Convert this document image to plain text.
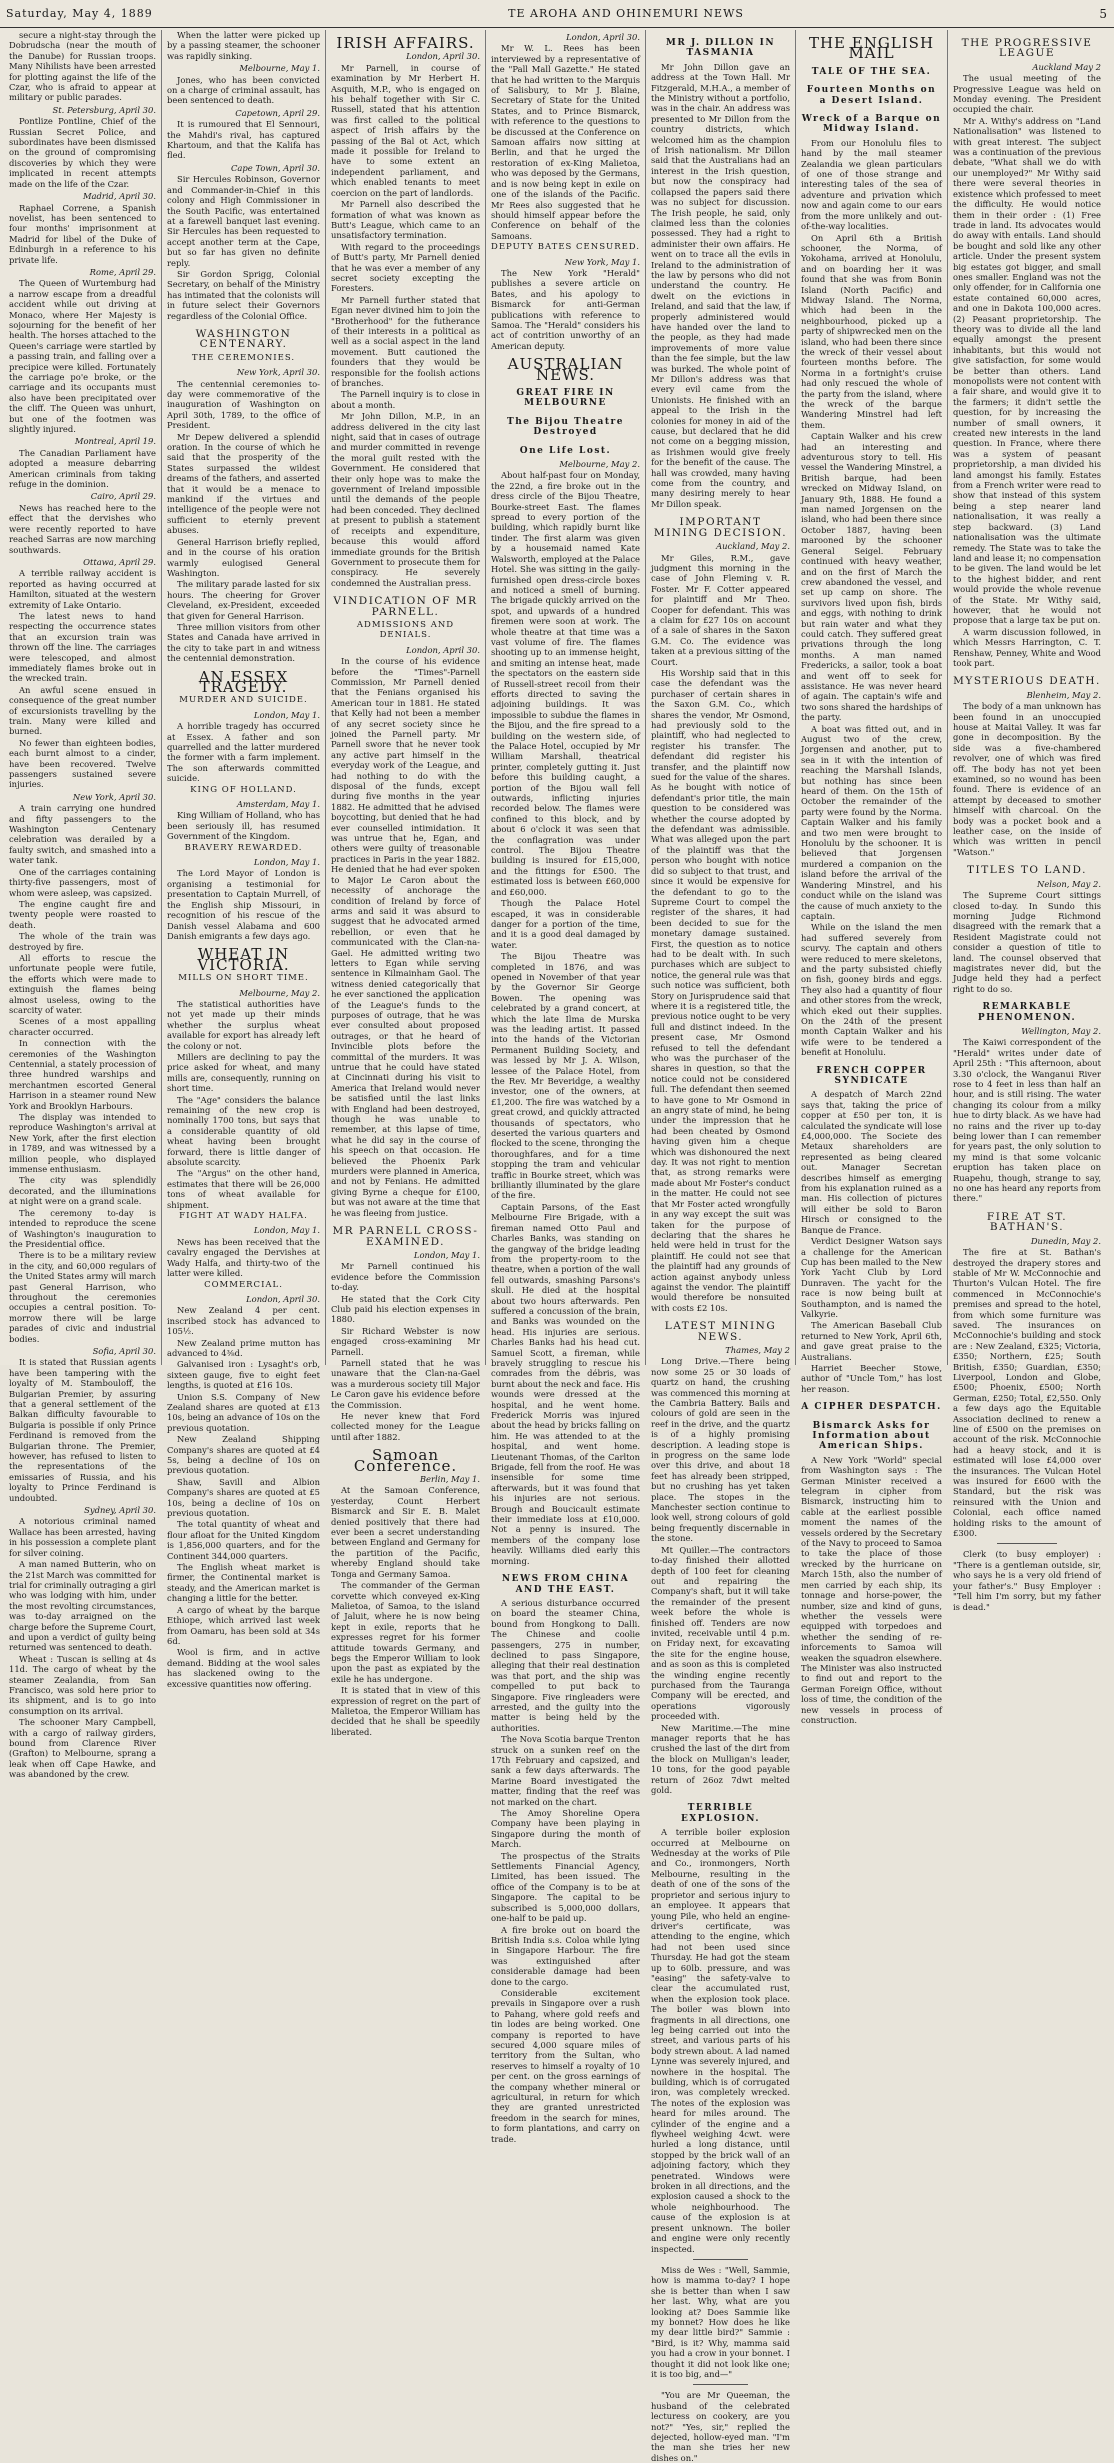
Saturday, May 4, 1889	TE AROHA AND OHINEMURI NEWS	5

secure a night-stay through the Dobrudscha (near the mouth of the Danube) for Russian troops. Many Nihilists have been arrested for plotting against the life of the Czar, who is afraid to appear at military or public parades.

St. Petersburg, April 30.

Pontlize Pontline, Chief of the Russian Secret Police, and subordinates have been dismissed on the ground of compromising discoveries by which they were implicated in recent attempts made on the life of the Czar.

Madrid, April 30.

Raphael Correne, a Spanish novelist, has been sentenced to four months' imprisonment at Madrid for libel of the Duke of Edinburgh in a reference to his private life.

Rome, April 29.

The Queen of Wurtemburg had a narrow escape from a dreadful accident while out driving at Monaco, where Her Majesty is sojourning for the benefit of her health. The horses attached to the Queen's carriage were startled by a passing train, and falling over a precipice were killed. Fortunately the carriage po'e broke, or the carriage and its occupants must also have been precipitated over the cliff. The Queen was unhurt, but one of the footmen was slightly injured.

Montreal, April 19.

The Canadian Parliament have adopted a measure debarring American criminals from taking refuge in the dominion.

Cairo, April 29.

News has reached here to the effect that the dervishes who were recently reported to have reached Sarras are now marching southwards.

Ottawa, April 29.

A terrible railway accident is reported as having occurred at Hamilton, situated at the western extremity of Lake Ontario.

The latest news to hand respecting the occurrence states that an excursion train was thrown off the line. The carriages were telescoped, and almost immediately flames broke out in the wrecked train.

An awful scene ensued in consequence of the great number of excursionists travelling by the train. Many were killed and burned.

No fewer than eighteen bodies, each burnt almost to a cinder, have been recovered. Twelve passengers sustained severe injuries.

New York, April 30.

A train carrying one hundred and fifty passengers to the Washington Centenary celebration was derailed by a faulty switch, and smashed into a water tank.

One of the carriages containing thirty-five passengers, most of whom were asleep, was capsized.

The engine caught fire and twenty people were roasted to death.

The whole of the train was destroyed by fire.

All efforts to rescue the unfortunate people were futile, the efforts which were made to extinguish the flames being almost useless, owing to the scarcity of water.

Scenes of a most appalling character occurred.

In connection with the ceremonies of the Washington Centennial, a stately procession of three hundred warships and merchantmen escorted General Harrison in a steamer round New York and Brooklyn Harbours.

The display was intended to reproduce Washington's arrival at New York, after the first election in 1789, and was witnessed by a million people, who displayed immense enthusiasm.

The city was splendidly decorated, and the illuminations at night were on a grand scale.

The ceremony to-day is intended to reproduce the scene of Washington's inauguration to the Presidential office.

There is to be a military review in the city, and 60,000 regulars of the United States army will march past General Harrison, who throughout the ceremonies occupies a central position. To-morrow there will be large parades of civic and industrial bodies.

Sofia, April 30.

It is stated that Russian agents have been tampering with the loyalty of M. Stambouloff, the Bulgarian Premier, by assuring that a general settlement of the Balkan difficulty favourable to Bulgaria is possible if only Prince Ferdinand is removed from the Bulgarian throne. The Premier, however, has refused to listen to the representations of the emissaries of Russia, and his loyalty to Prince Ferdinand is undoubted.

Sydney, April 30.

A notorious criminal named Wallace has been arrested, having in his possession a complete plant for silver coining.

A man named Butterin, who on the 21st March was committed for trial for criminally outraging a girl who was lodging with him, under the most revolting circumstances, was to-day arraigned on the charge before the Supreme Court, and upon a verdict of guilty being returned was sentenced to death.

Wheat : Tuscan is selling at 4s 11d. The cargo of wheat by the steamer Zealandia, from San Francisco, was sold here prior to its shipment, and is to go into consumption on its arrival.

The schooner Mary Campbell, with a cargo of railway girders, bound from Clarence River (Grafton) to Melbourne, sprang a leak when off Cape Hawke, and was abandoned by the crew.

When the latter were picked up by a passing steamer, the schooner was rapidly sinking.

Melbourne, May 1.

Jones, who has been convicted on a charge of criminal assault, has been sentenced to death.

Capetown, April 29.

It is rumoured that El Sennouri, the Mahdi's rival, has captured Khartoum, and that the Kalifa has fled.

Cape Town, April 30.

Sir Hercules Robinson, Governor and Commander-in-Chief in this colony and High Commissioner in the South Pacific, was entertained at a farewell banquet last evening. Sir Hercules has been requested to accept another term at the Cape, but so far has given no definite reply.

Sir Gordon Sprigg, Colonial Secretary, on behalf of the Ministry has intimated that the colonists will in future select their Governors regardless of the Colonial Office.

WASHINGTON CENTENARY.
THE CEREMONIES.
New York, April 30.

The centennial ceremonies to-day were commemorative of the inauguration of Washington on April 30th, 1789, to the office of President.

Mr Depew delivered a splendid oration. In the course of which he said that the prosperity of the States surpassed the wildest dreams of the fathers, and asserted that it would be a menace to mankind if the virtues and intelligence of the people were not sufficient to eternly prevent abuses.

General Harrison briefly replied, and in the course of his oration warmly eulogised General Washington.

The military parade lasted for six hours. The cheering for Grover Cleveland, ex-President, exceeded that given for General Harrison.

Three million visitors from other States and Canada have arrived in the city to take part in and witness the centennial demonstration.

AN ESSEX TRAGEDY.
MURDER AND SUICIDE.
London, May 1.

A horrible tragedy has occurred at Essex. A father and son quarrelled and the latter murdered the former with a farm implement. The son afterwards committed suicide.

KING OF HOLLAND.
Amsterdam, May 1.

King William of Holland, who has been seriously ill, has resumed Government of the Kingdom.

BRAVERY REWARDED.
London, May 1.

The Lord Mayor of London is organising a testimonial for presentation to Captain Murrell, of the English ship Missouri, in recognition of his rescue of the Danish vessel Alabama and 600 Danish emigrants a few days ago.

WHEAT IN VICTORIA.
MILLS ON SHORT TIME.
Melbourne, May 2.

The statistical authorities have not yet made up their minds whether the surplus wheat available for export has already left the colony or not.

Millers are declining to pay the price asked for wheat, and many mills are, consequently, running on short time.

The "Age" considers the balance remaining of the new crop is nominally 1700 tons, but says that a considerable quantity of old wheat having been brought forward, there is little danger of absolute scarcity.

The "Argus" on the other hand, estimates that there will be 26,000 tons of wheat available for shipment.

FIGHT AT WADY HALFA.
London, May 1.

News has been received that the cavalry engaged the Dervishes at Wady Halfa, and thirty-two of the latter were killed.

COMMERCIAL.
London, April 30.

New Zealand 4 per cent. inscribed stock has advanced to 105½.

New Zealand prime mutton has advanced to 4⅜d.

Galvanised iron : Lysaght's orb, sixteen gauge, five to eight feet lengths, is quoted at £16 10s.

Union S.S. Company of New Zealand shares are quoted at £13 10s, being an advance of 10s on the previous quotation.

New Zealand Shipping Company's shares are quoted at £4 5s, being a decline of 10s on previous quotation.

Shaw, Savill and Albion Company's shares are quoted at £5 10s, being a decline of 10s on previous quotation.

The total quantity of wheat and flour afloat for the United Kingdom is 1,856,000 quarters, and for the Continent 344,000 quarters.

The English wheat market is firmer, the Continental market is steady, and the American market is changing a little for the better.

A cargo of wheat by the barque Ethiope, which arrived last week from Oamaru, has been sold at 34s 6d.

Wool is firm, and in active demand. Bidding at the wool sales has slackened owing to the excessive quantities now offering.

IRISH AFFAIRS.
London, April 30.

Mr Parnell, in course of examination by Mr Herbert H. Asquith, M.P., who is engaged on his behalf together with Sir C. Russell, stated that his attention was first called to the political aspect of Irish affairs by the passing of the Bal ot Act, which made it possible for Ireland to have to some extent an independent parliament, and which enabled tenants to meet coercion on the part of landlords.

Mr Parnell also described the formation of what was known as Butt's League, which came to an unsatisfactory termination.

With regard to the proceedings of Butt's party, Mr Parnell denied that he was ever a member of any secret society excepting the Foresters.

Mr Parnell further stated that Egan never divined him to join the "Brotherhood" for the futherance of their interests in a political as well as a social aspect in the land movement. Butt cautioned the founders that they would be responsible for the foolish actions of branches.

The Parnell inquiry is to close in about a month.

Mr John Dillon, M.P., in an address delivered in the city last night, said that in cases of outrage and murder committed in revenge the moral guilt rested with the Government. He considered that their only hope was to make the government of Ireland impossible until the demands of the people had been conceded. They declined at present to publish a statement of receipts and expenditure, because this would afford immediate grounds for the British Government to prosecute them for conspiracy. He severely condemned the Australian press.

VINDICATION OF MR PARNELL.
ADMISSIONS AND DENIALS.
London, April 30.

In the course of his evidence before the "Times"-Parnell Commission, Mr Parnell denied that the Fenians organised his American tour in 1881. He stated that Kelly had not been a member of any secret society since he joined the Parnell party. Mr Parnell swore that he never took any active part himself in the everyday work of the League, and had nothing to do with the disposal of the funds, except during five months in the year 1882. He admitted that he advised boycotting, but denied that he had ever counselled intimidation. It was untrue that he, Egan, and others were guilty of treasonable practices in Paris in the year 1882. He denied that he had ever spoken to Major Le Caron about the necessity of anchorage the condition of Ireland by force of arms and said it was absurd to suggest that he advocated armed rebellion, or even that he communicated with the Clan-na-Gael. He admitted writing two letters to Egan while serving sentence in Kilmainham Gaol. The witness denied categorically that he ever sanctioned the application of the League's funds to the purposes of outrage, that he was ever consulted about proposed outrages, or that he heard of Invincible plots before the committal of the murders. It was untrue that he could have stated at Cincinnati during his visit to America that Ireland would never be satisfied until the last links with England had been destroyed, though he was unable to remember, at this lapse of time, what he did say in the course of his speech on that occasion. He believed the Phoenix Park murders were planned in America, and not by Fenians. He admitted giving Byrne a cheque for £100, but was not aware at the time that he was fleeing from justice.

MR PARNELL CROSS-EXAMINED.
London, May 1.

Mr Parnell continued his evidence before the Commission to-day.

He stated that the Cork City Club paid his election expenses in 1880.

Sir Richard Webster is now engaged cross-examining Mr Parnell.

Parnell stated that he was unaware that the Clan-na-Gael was a murderous society till Major Le Caron gave his evidence before the Commission.

He never knew that Ford collected money for the League until after 1882.

Samoan Conference.
Berlin, May 1.

At the Samoan Conference, yesterday, Count Herbert Bismarck and Sir E. B. Malet denied positively that there had ever been a secret understanding between England and Germany for the partition of the Pacific, whereby England should take Tonga and Germany Samoa.

The commander of the German corvette which conveyed ex-King Malietoa, of Samoa, to the island of Jaluit, where he is now being kept in exile, reports that he expresses regret for his former attitude towards Germany, and begs the Emperor William to look upon the past as expiated by the exile he has undergone.

It is stated that in view of this expression of regret on the part of Malietoa, the Emperor William has decided that he shall be speedily liberated.

London, April 30.

Mr W. L. Rees has been interviewed by a representative of the "Pall Mall Gazette." He stated that he had written to the Marquis of Salisbury, to Mr J. Blaine, Secretary of State for the United States, and to Prince Bismarck, with reference to the questions to be discussed at the Conference on Samoan affairs now sitting at Berlin, and that he urged the restoration of ex-King Malietoa, who was deposed by the Germans, and is now being kept in exile on one of the islands of the Pacific. Mr Rees also suggested that he should himself appear before the Conference on behalf of the Samoans.

DEPUTY BATES CENSURED.
New York, May 1.

The New York "Herald" publishes a severe article on Bates, and his apology to Bismarck for anti-German publications with reference to Samoa. The "Herald" considers his act of contrition unworthy of an American deputy.

AUSTRALIAN NEWS.
GREAT FIRE IN MELBOURNE
The Bijou Theatre Destroyed
One Life Lost.
Melbourne, May 2.

About half-past four on Monday, the 22nd, a fire broke out in the dress circle of the Bijou Theatre, Bourke-street East. The flames spread to every portion of the building, which rapidly burnt like tinder. The first alarm was given by a housemaid named Kate Walsworth, employed at the Palace Hotel. She was sitting in the gaily-furnished open dress-circle boxes and noticed a smell of burning. The brigade quickly arrived on the spot, and upwards of a hundred firemen were soon at work. The whole theatre at that time was a vast volume of fire. The flames shooting up to an immense height, and smiting an intense heat, made the spectators on the eastern side of Russell-street recoil from their efforts directed to saving the adjoining buildings. It was impossible to subdue the flames in the Bijou, and the fire spread to a building on the western side, of the Palace Hotel, occupied by Mr William Marshall, theatrical printer, completely gutting it. Just before this building caught, a portion of the Bijou wall fell outwards, inflicting injuries recorded below. The flames were confined to this block, and by about 6 o'clock it was seen that the conflagration was under control. The Bijou Theatre building is insured for £15,000, and the fittings for £500. The estimated loss is between £60,000 and £60,000.

Though the Palace Hotel escaped, it was in considerable danger for a portion of the time, and it is a good deal damaged by water.

The Bijou Theatre was completed in 1876, and was opened in November of that year by the Governor Sir George Bowen. The opening was celebrated by a grand concert, at which the late Ilma de Murska was the leading artist. It passed into the hands of the Victorian Permanent Building Society, and was lessed by Mr J. A. Wilson, lessee of the Palace Hotel, from the Rev. Mr Beveridge, a wealthy investor, one of the owners, at £1,200. The fire was watched by a great crowd, and quickly attracted thousands of spectators, who deserted the various quarters and flocked to the scene, thronging the thoroughfares, and for a time stopping the tram and vehicular traffic in Bourke street, which was brilliantly illuminated by the glare of the fire.

Captain Parsons, of the East Melbourne Fire Brigade, with a fireman named Otto Paul and Charles Banks, was standing on the gangway of the bridge leading from the property-room to the theatre, when a portion of the wall fell outwards, smashing Parsons's skull. He died at the hospital about two hours afterwards. Pen suffered a concussion of the brain, and Banks was wounded on the head. His injuries are serious. Charles Banks had his head cut. Samuel Scott, a fireman, while bravely struggling to rescue his comrades from the débris, was burnt about the neck and face. His wounds were dressed at the hospital, and he went home. Frederick Morris was injured about the head by bricks falling on him. He was attended to at the hospital, and went home. Lieutenant Thomas, of the Carlton Brigade, fell from the roof. He was insensible for some time afterwards, but it was found that his injuries are not serious. Brough and Boucicault estimate their immediate loss at £10,000. Not a penny is insured. The members of the company lose heavily. Williams died early this morning.

NEWS FROM CHINA AND THE EAST.

A serious disturbance occurred on board the steamer China, bound from Hongkong to Dalli. The Chinese and coolie passengers, 275 in number, declined to pass Singapore, alleging that their real destination was that port, and the ship was compelled to put back to Singapore. Five ringleaders were arrested, and the guilty into the matter is being held by the authorities.

The Nova Scotia barque Trenton struck on a sunken reef on the 17th February and capsized, and sank a few days afterwards. The Marine Board investigated the matter, finding that the reef was not marked on the chart.

The Amoy Shoreline Opera Company have been playing in Singapore during the month of March.

The prospectus of the Straits Settlements Financial Agency, Limited, has been issued. The office of the Company is to be at Singapore. The capital to be subscribed is 5,000,000 dollars, one-half to be paid up.

A fire broke out on board the British India s.s. Coloa while lying in Singapore Harbour. The fire was extinguished after considerable damage had been done to the cargo.

Considerable excitement prevails in Singapore over a rush to Pahang, where gold reefs and tin lodes are being worked. One company is reported to have secured 4,000 square miles of territory from the Sultan, who reserves to himself a royalty of 10 per cent. on the gross earnings of the company whether mineral or agricultural, in return for which they are granted unrestricted freedom in the search for mines, to form plantations, and carry on trade.

MR J. DILLON IN TASMANIA

Mr John Dillon gave an address at the Town Hall. Mr Fitzgerald, M.H.A., a member of the Ministry without a portfolio, was in the chair. An address was presented to Mr Dillon from the country districts, which welcomed him as the champion of Irish nationalism. Mr Dillon said that the Australians had an interest in the Irish question, but now the conspiracy had collapsed the papers said there was no subject for discussion. The Irish people, he said, only claimed less than the colonies possessed. They had a right to administer their own affairs. He went on to trace all the evils in Ireland to the administration of the law by persons who did not understand the country. He dwelt on the evictions in Ireland, and said that the law, if properly administered would have handed over the land to the people, as they had made improvements of more value than the fee simple, but the law was burked. The whole point of Mr Dillon's address was that every evil came from the Unionists. He finished with an appeal to the Irish in the colonies for money in aid of the cause, but declared that he did not come on a begging mission, as Irishmen would give freely for the benefit of the cause. The hall was crowded, many having come from the country, and many desiring merely to hear Mr Dillon speak.

IMPORTANT MINING DECISION.
Auckland, May 2.

Mr Giles, R.M., gave judgment this morning in the case of John Fleming v. R. Foster. Mr F. Cotter appeared for plaintiff and Mr Theo. Cooper for defendant. This was a claim for £27 10s on account of a sale of shares in the Saxon G.M. Co. The evidence was taken at a previous sitting of the Court.

His Worship said that in this case the defendant was the purchaser of certain shares in the Saxon G.M. Co., which shares the vendor, Mr Osmond, had previously sold to the plaintiff, who had neglected to register his transfer. The defendant did register his transfer, and the plaintiff now sued for the value of the shares. As he bought with notice of defendant's prior title, the main question to be considered was whether the course adopted by the defendant was admissible. What was alleged upon the part of the plaintiff was that the person who bought with notice did so subject to that trust, and since it would be expensive for the defendant to go to the Supreme Court to compel the register of the shares, it had been decided to sue for the monetary damage sustained. First, the question as to notice had to be dealt with. In such purchases which are subject to notice, the general rule was that such notice was sufficient, both Story on Jurisprudence said that where it is a registered title, the previous notice ought to be very full and distinct indeed. In the present case, Mr Osmond refused to tell the defendant who was the purchaser of the shares in question, so that the notice could not be considered full. The defendant then seemed to have gone to Mr Osmond in an angry state of mind, he being under the impression that he had been cheated by Osmond having given him a cheque which was dishonoured the next day. It was not right to mention that, as strong remarks were made about Mr Foster's conduct in the matter. He could not see that Mr Foster acted wrongfully in any way except the suit was taken for the purpose of declaring that the shares he held were held in trust for the plaintiff. He could not see that the plaintiff had any grounds of action against anybody unless against the vendor. The plaintiff would therefore be nonsuited with costs £2 10s.

LATEST MINING NEWS.
Thames, May 2

Long Drive.—There being now some 25 or 30 loads of quartz on hand, the crushing was commenced this morning at the Cambria Battery. Bails and colours of gold are seen in the reef in the drive, and the quartz is of a highly promising description. A leading stope is in progress on the same lode over this drive, and about 18 feet has already been stripped, but no crushing has yet taken place. The stopes in the Manchester section continue to look well, strong colours of gold being frequently discernable in the stone.

Mt Quiller.—The contractors to-day finished their allotted depth of 100 feet for cleaning out and repairing the Company's shaft, but it will take the remainder of the present week before the whole is finished off. Tenders are now invited, receivable until 4 p.m. on Friday next, for excavating the site for the engine house, and as soon as this is completed the winding engine recently purchased from the Tauranga Company will be erected, and operations vigorously proceeded with.

New Maritime.—The mine manager reports that he has crushed the last of the dirt from the block on Mulligan's leader, 10 tons, for the good payable return of 26oz 7dwt melted gold.

TERRIBLE EXPLOSION.

A terrible boiler explosion occurred at Melbourne on Wednesday at the works of Pile and Co., ironmongers, North Melbourne, resulting in the death of one of the sons of the proprietor and serious injury to an employee. It appears that young Pile, who held an engine-driver's certificate, was attending to the engine, which had not been used since Thursday. He had got the steam up to 60lb. pressure, and was "easing" the safety-valve to clear the accumulated rust, when the explosion took place. The boiler was blown into fragments in all directions, one leg being carried out into the street, and various parts of his body strewn about. A lad named Lynne was severely injured, and nowhere in the hospital. The building, which is of corrugated iron, was completely wrecked. The notes of the explosion was heard for miles around. The cylinder of the engine and a flywheel weighing 4cwt. were hurled a long distance, until stopped by the brick wall of an adjoining factory, which they penetrated. Windows were broken in all directions, and the explosion caused a shock to the whole neighbourhood. The cause of the explosion is at present unknown. The boiler and engine were only recently inspected.

Miss de Wes : "Well, Sammie, how is mamma to-day? I hope she is better than when I saw her last. Why, what are you looking at? Does Sammie like my bonnet? How does he like my dear little bird?" Sammie : "Bird, is it? Why, mamma said you had a crow in your bonnet. I thought it did not look like one; it is too big, and—"

"You are Mr Queeman, the husband of the celebrated lecturess on cookery, are you not?" "Yes, sir," replied the dejected, hollow-eyed man. "I'm the man she tries her new dishes on."

THE ENGLISH MAIL
TALE OF THE SEA.
Fourteen Months on a Desert Island.
Wreck of a Barque on Midway Island.

From our Honolulu files to hand by the mail steamer Zealandia we glean particulars of one of those strange and interesting tales of the sea of adventure and privation which now and again come to our ears from the more unlikely and out-of-the-way localities.

On April 6th a British schooner, the Norma, of Yokohama, arrived at Honolulu, and on boarding her it was found that she was from Bonin Island (North Pacific) and Midway Island. The Norma, which had been in the neighbourhood, picked up a party of shipwrecked men on the island, who had been there since the wreck of their vessel about fourteen months before. The Norma in a fortnight's cruise had only rescued the whole of the party from the island, where the wreck of the barque Wandering Minstrel had left them.

Captain Walker and his crew had an interesting and adventurous story to tell. His vessel the Wandering Minstrel, a British barque, had been wrecked on Midway Island, on January 9th, 1888. He found a man named Jorgensen on the island, who had been there since October 1887, having been marooned by the schooner General Seigel. February continued with heavy weather, and on the first of March the crew abandoned the vessel, and set up camp on shore. The survivors lived upon fish, birds and eggs, with nothing to drink but rain water and what they could catch. They suffered great privations through the long months. A man named Fredericks, a sailor, took a boat and went off to seek for assistance. He was never heard of again. The captain's wife and two sons shared the hardships of the party.

A boat was fitted out, and in August two of the crew, Jorgensen and another, put to sea in it with the intention of reaching the Marshall Islands, but nothing has since been heard of them. On the 15th of October the remainder of the party were found by the Norma. Captain Walker and his family and two men were brought to Honolulu by the schooner. It is believed that Jorgensen murdered a companion on the island before the arrival of the Wandering Minstrel, and his conduct while on the island was the cause of much anxiety to the captain.

While on the island the men had suffered severely from scurvy. The captain and others were reduced to mere skeletons, and the party subsisted chiefly on fish, gooney birds and eggs. They also had a quantity of flour and other stores from the wreck, which eked out their supplies. On the 24th of the present month Captain Walker and his wife were to be tendered a benefit at Honolulu.

FRENCH COPPER SYNDICATE

A despatch of March 22nd says that, taking the price of copper at £50 per ton, it is calculated the syndicate will lose £4,000,000. The Societe des Metaux shareholders are represented as being cleared out. Manager Secretan describes himself as emerging from his explanation ruined as a man. His collection of pictures will either be sold to Baron Hirsch or consigned to the Banque de France.

Verdict Designer Watson says a challenge for the American Cup has been mailed to the New York Yacht Club by Lord Dunraven. The yacht for the race is now being built at Southampton, and is named the Valkyrie.

The American Baseball Club returned to New York, April 6th, and gave great praise to the Australians.

Harriet Beecher Stowe, author of "Uncle Tom," has lost her reason.

A CIPHER DESPATCH.
Bismarck Asks for Information about American Ships.

A New York "World" special from Washington says : The German Minister received a telegram in cipher from Bismarck, instructing him to cable at the earliest possible moment the names of the vessels ordered by the Secretary of the Navy to proceed to Samoa to take the place of those wrecked by the hurricane on March 15th, also the number of men carried by each ship, its tonnage and horse-power, the number, size and kind of guns, whether the vessels were equipped with torpedoes and whether the sending of re-inforcements to Samoa will weaken the squadron elsewhere. The Minister was also instructed to find out and report to the German Foreign Office, without loss of time, the condition of the new vessels in process of construction.

THE PROGRESSIVE LEAGUE
Auckland May 2

The usual meeting of the Progressive League was held on Monday evening. The President occupied the chair.

Mr A. Withy's address on "Land Nationalisation" was listened to with great interest. The subject was a continuation of the previous debate, "What shall we do with our unemployed?" Mr Withy said there were several theories in existence which professed to meet the difficulty. He would notice them in their order : (1) Free trade in land. Its advocates would do away with entails. Land should be bought and sold like any other article. Under the present system big estates got bigger, and small ones smaller. England was not the only offender, for in California one estate contained 60,000 acres, and one in Dakota 100,000 acres. (2) Peasant proprietorship. The theory was to divide all the land equally amongst the present inhabitants, but this would not give satisfaction, for some would be better than others. Land monopolists were not content with a fair share, and would give it to the farmers; it didn't settle the question, for by increasing the number of small owners, it created new interests in the land question. In France, where there was a system of peasant proprietorship, a man divided his land amongst his family. Estates from a French writer were read to show that instead of this system being a step nearer land nationalisation, it was really a step backward. (3) Land nationalisation was the ultimate remedy. The State was to take the land and lease it; no compensation to be given. The land would be let to the highest bidder, and rent would provide the whole revenue of the State. Mr Withy said, however, that he would not propose that a large tax be put on.

A warm discussion followed, in which Messrs Harrington, C. T. Renshaw, Penney, White and Wood took part.

MYSTERIOUS DEATH.
Blenheim, May 2.

The body of a man unknown has been found in an unoccupied house at Maitai Valley. It was far gone in decomposition. By the side was a five-chambered revolver, one of which was fired off. The body has not yet been examined, so no wound has been found. There is evidence of an attempt by deceased to smother himself with charcoal. On the body was a pocket book and a leather case, on the inside of which was written in pencil "Watson."

TITLES TO LAND.
Nelson, May 2.

The Supreme Court sittings closed to-day. In Sundo this morning Judge Richmond disagreed with the remark that a Resident Magistrate could not consider a question of title to land. The counsel observed that magistrates never did, but the Judge held they had a perfect right to do so.

REMARKABLE PHENOMENON.
Wellington, May 2.

The Kaiwi correspondent of the "Herald" writes under date of April 25th : "This afternoon, about 3.30 o'clock, the Wanganui River rose to 4 feet in less than half an hour, and is still rising. The water changing its colour from a milky hue to dirty black. As we have had no rains and the river up to-day being lower than I can remember for years past, the only solution to my mind is that some volcanic eruption has taken place on Ruapehu, though, strange to say, no one has heard any reports from there."

FIRE AT ST. BATHAN'S.
Dunedin, May 2.

The fire at St. Bathan's destroyed the drapery stores and stable of Mr W. McConnochie and Thurton's Vulcan Hotel. The fire commenced in McConnochie's premises and spread to the hotel, from which some furniture was saved. The insurances on McConnochie's building and stock are : New Zealand, £325; Victoria, £350; Northern, £25; South British, £350; Guardian, £350; Liverpool, London and Globe, £500; Phoenix, £500; North German, £250; Total, £2,550. Only a few days ago the Equitable Association declined to renew a line of £500 on the premises on account of the risk. McConnochie had a heavy stock, and it is estimated will lose £4,000 over the insurances. The Vulcan Hotel was insured for £600 with the Standard, but the risk was reinsured with the Union and Colonial, each office named holding risks to the amount of £300.

Clerk (to busy employer) : "There is a gentleman outside, sir, who says he is a very old friend of your father's." Busy Employer : "Tell him I'm sorry, but my father is dead."
